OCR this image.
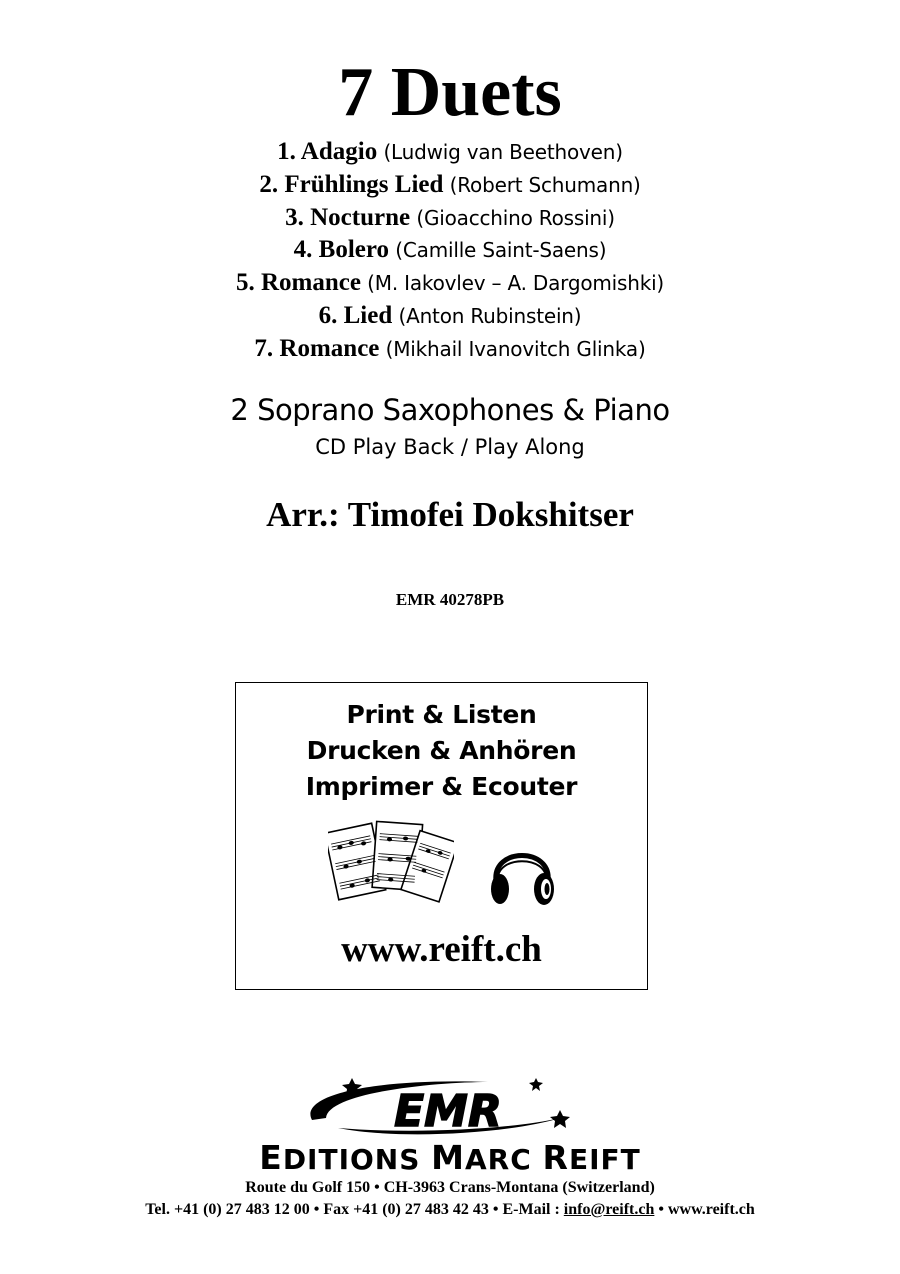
7 Duets
1. Adagio (Ludwig van Beethoven)
2. Frühlings Lied (Robert Schumann)
3. Nocturne (Gioacchino Rossini)
4. Bolero (Camille Saint-Saens)
5. Romance (M. Iakovlev – A. Dargomishki)
6. Lied (Anton Rubinstein)
7. Romance (Mikhail Ivanovitch Glinka)
2 Soprano Saxophones & Piano
CD Play Back / Play Along
Arr.: Timofei Dokshitser
EMR 40278PB
Print & Listen
Drucken & Anhören
Imprimer & Ecouter
www.reift.ch
EMR
EDITIONS MARC REIFT
Route du Golf 150 • CH-3963 Crans-Montana (Switzerland)
Tel. +41 (0) 27 483 12 00 • Fax +41 (0) 27 483 42 43 • E-Mail : info@reift.ch • www.reift.ch
